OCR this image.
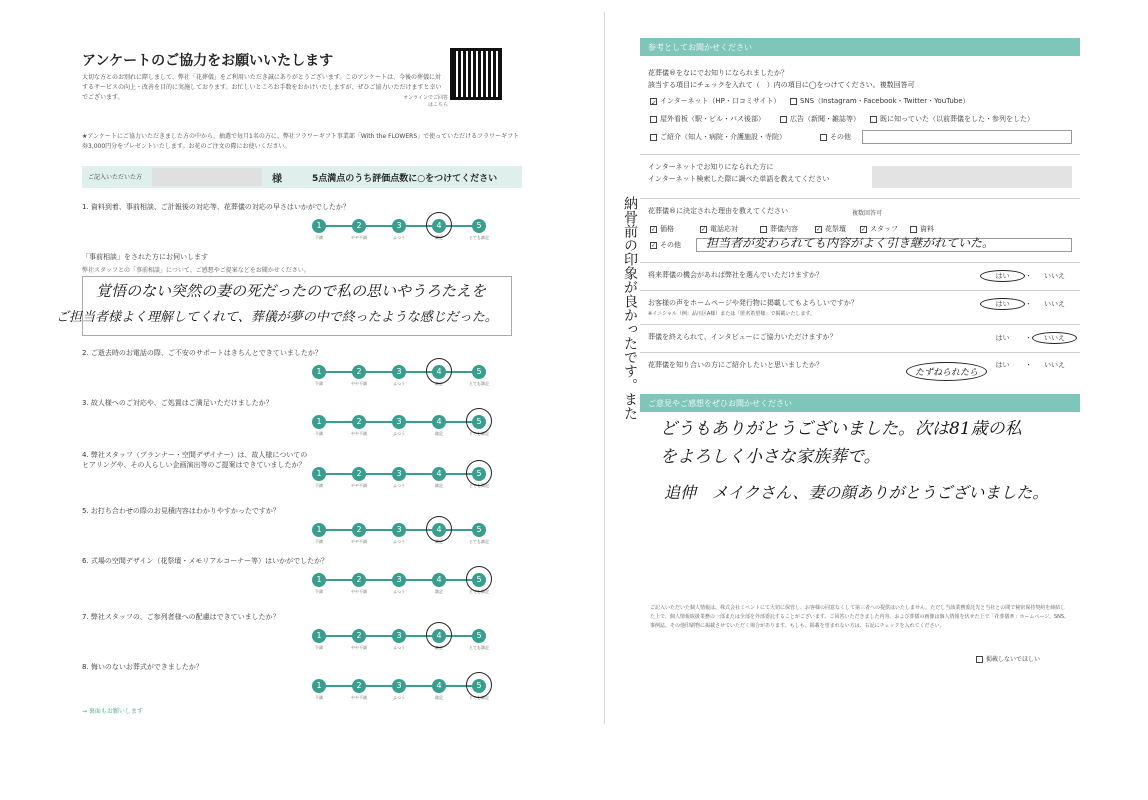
アンケートのご協力をお願いいたします
大切な方とのお別れに際しまして、弊社「花葬儀」をご利用いただき誠にありがとうございます。このアンケートは、今後の葬儀に対するサービスの向上・改善を目的に実施しております。お忙しいところお手数をおかけいたしますが、ぜひご協力いただけますと幸いでございます。	オンラインでご回答はこちら
★アンケートにご協力いただきました方の中から、抽選で毎月1名の方に、弊社フラワーギフト事業部「With the FLOWERS」で使っていただけるフラワーギフト券3,000円分をプレゼントいたします。お花のご注文の際にお使いください。
ご記入いただいた方	様	5点満点のうち評価点数に○をつけてください
1. 資料到着、事前相談、ご計報後の対応等、花葬儀の対応の早さはいかがでしたか？
1
不満
2
やや不満
3
ふつう
4
満足
5
とても満足
2. ご逝去時のお電話の際、ご不安のサポートはきちんとできていましたか？
1
不満
2
やや不満
3
ふつう
4
満足
5
とても満足
3. 故人様へのご対応や、ご処置はご満足いただけましたか？
1
不満
2
やや不満
3
ふつう
4
満足
5
とても満足
4. 弊社スタッフ（プランナー・空間デザイナー）は、故人様についてのヒアリングや、その人らしい企画演出等のご提案はできていましたか？
1
不満
2
やや不満
3
ふつう
4
満足
5
とても満足
5. お打ち合わせの際のお見積内容はわかりやすかったですか？
1
不満
2
やや不満
3
ふつう
4
満足
5
とても満足
6. 式場の空間デザイン（花祭壇・メモリアルコーナー等）はいかがでしたか？
1
不満
2
やや不満
3
ふつう
4
満足
5
とても満足
7. 弊社スタッフの、ご参列者様への配慮はできていましたか？
1
不満
2
やや不満
3
ふつう
4
満足
5
とても満足
8. 悔いのないお葬式ができましたか？
1
不満
2
やや不満
3
ふつう
4
満足
5
とても満足
「事前相談」をされた方にお伺いします
弊社スタッフとの「事前相談」について、ご感想やご提案などをお聞かせください。
覚悟のない突然の妻の死だったので私の思いやうろたえを
ご担当者様よく理解してくれて、葬儀が夢の中で終ったような感じだった。
→ 裏面もお願いします
参考としてお聞かせください
花葬儀®をなにでお知りになられましたか？
該当する項目にチェックを入れて（　）内の項目に◯をつけてください。複数回答可
✓ インターネット（HP・口コミサイト）	SNS（Instagram・Facebook・Twitter・YouTube）
屋外看板（駅・ビル・バス後部）	広告（新聞・雑誌等）	既に知っていた（以前葬儀をした・参列をした）
ご紹介（知人・病院・介護施設・寺院）	その他
インターネットでお知りになられた方に
インターネット検索した際に調べた単語を教えてください
花葬儀®に決定された理由を教えてください	複数回答可
✓ 価格	✓ 電話応対	葬儀内容	✓ 花祭壇	✓ スタッフ	資料
✓ その他 担当者が変わられても内容がよく引き継がれていた。
将来葬儀の機会があれば弊社を選んでいただけますか？	はい ・ いいえ
お客様の声をホームページや発行物に掲載してもよろしいですか？
※イニシャル（例：品川区A様）または「匿名希望様」で掲載いたします。
はい ・ いいえ
葬儀を終えられて、インタビューにご協力いただけますか？	はい ・ いいえ
花葬儀を知り合いの方にご紹介したいと思いましたか？
たずねられたら
はい ・ いいえ
ご意見やご感想をぜひお聞かせください
どうもありがとうございました。次は81歳の私
をよろしく小さな家族葬で。
追伸　メイクさん、妻の顔ありがとうございました。
ご記入いただいた個人情報は、株式会社ミベントにて大切に保管し、お客様の同意なくして第三者への提供はいたしません。ただし当該業務委託先と当社との間で秘密保持契約を締結した上で、個人情報取扱業務の一部または全部を外部委託することがございます。ご回答いただきました内容、および葬儀の画像は個人情報を伏せた上で「花葬儀®」ホームページ、SNS、事例誌、その他印刷物に掲載させていただく場合があります。もしも、掲載を望まれない方は、右記にチェックを入れてください。
掲載しないでほしい
納骨前の印象が良かったです。また
